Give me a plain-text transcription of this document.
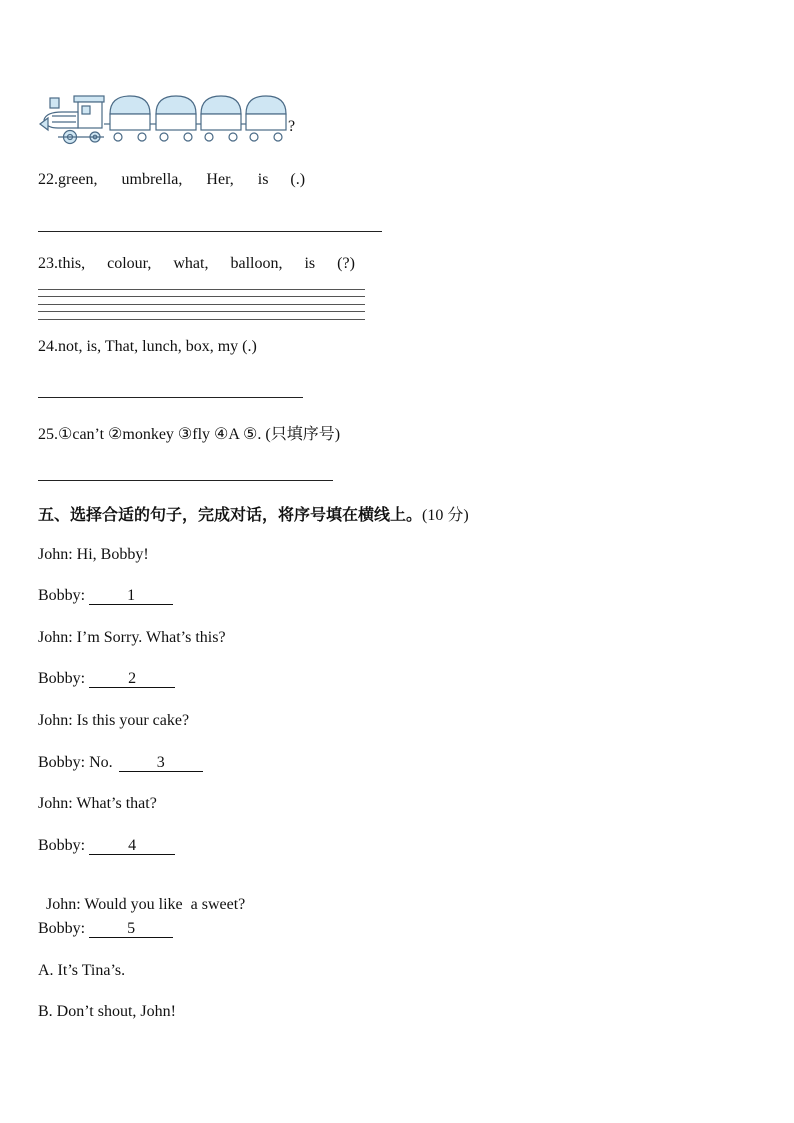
?
22.green, umbrella, Her, is (.)
23.this, colour, what, balloon, is (?)
24.not, is, That, lunch, box, my (.)
25.①can’t ②monkey ③fly ④A ⑤. (只填序号)
五、选择合适的句子，完成对话，将序号填在横线上。(10 分)
John: Hi, Bobby!
Bobby:	1
John: I’m Sorry. What’s this?
Bobby:	2
John: Is this your cake?
Bobby: No.	3
John: What’s that?
Bobby:	4

John: Would you like  a sweet?

Bobby:	5
A. It’s Tina’s.
B. Don’t shout, John!
